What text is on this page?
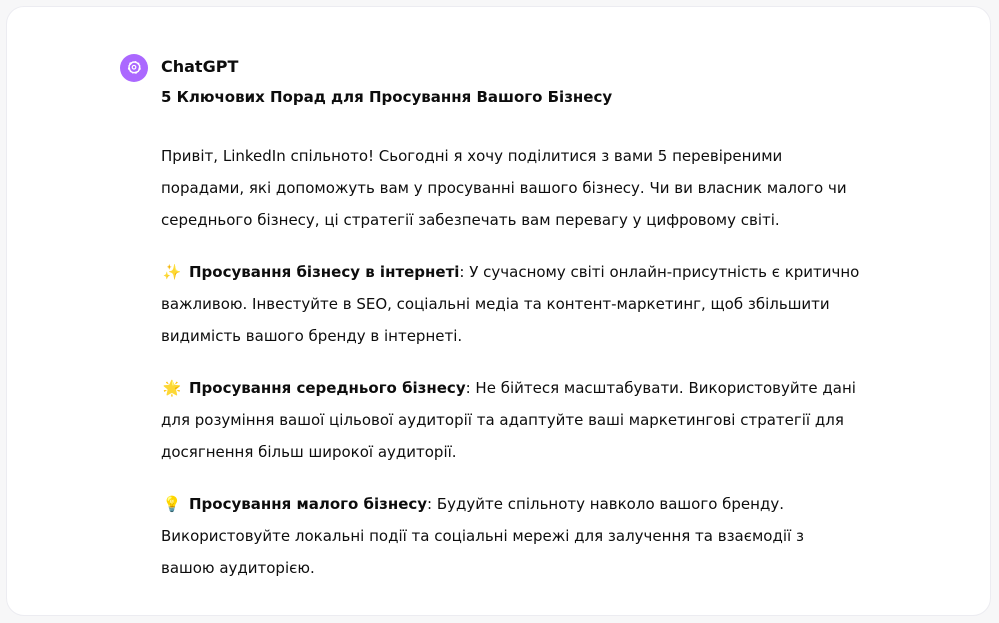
ChatGPT
5 Ключових Порад для Просування Вашого Бізнесу
Привіт, LinkedIn спільното! Сьогодні я хочу поділитися з вами 5 перевіреними порадами, які допоможуть вам у просуванні вашого бізнесу. Чи ви власник малого чи середнього бізнесу, ці стратегії забезпечать вам перевагу у цифровому світі.
✨ Просування бізнесу в інтернеті: У сучасному світі онлайн-присутність є критично важливою. Інвестуйте в SEO, соціальні медіа та контент-маркетинг, щоб збільшити видимість вашого бренду в інтернеті.
🌟 Просування середнього бізнесу: Не бійтеся масштабувати. Використовуйте дані для розуміння вашої цільової аудиторії та адаптуйте ваші маркетингові стратегії для досягнення більш широкої аудиторії.
💡 Просування малого бізнесу: Будуйте спільноту навколо вашого бренду. Використовуйте локальні події та соціальні мережі для залучення та взаємодії з вашою аудиторією.
